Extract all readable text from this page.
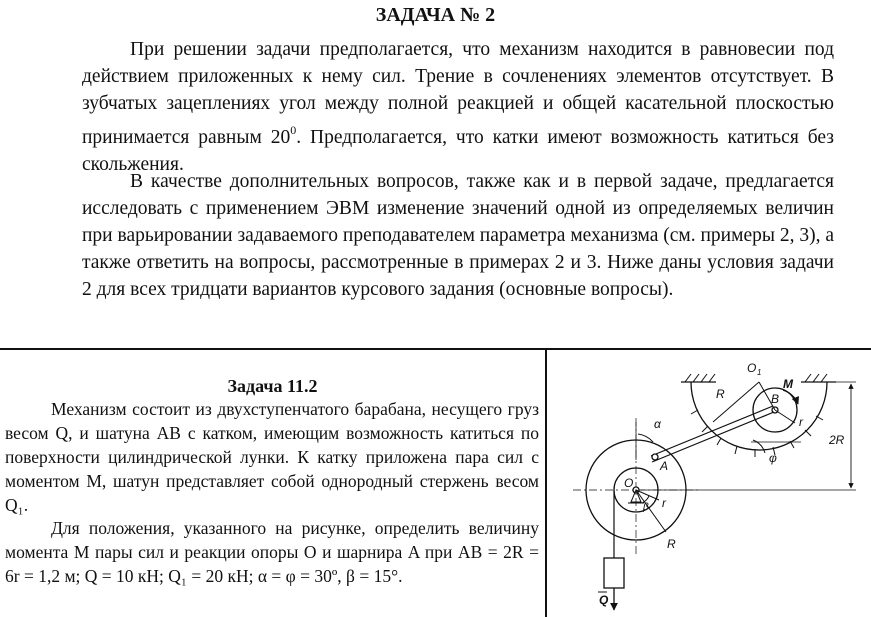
ЗАДАЧА № 2

При решении задачи предполагается, что механизм находится в равновесии под действием приложенных к нему сил. Трение в сочленениях элементов отсутствует. В зубчатых зацеплениях угол между полной реакцией и общей касательной плоскостью принимается равным $20^0$. Предполагается, что катки имеют возможность катиться без скольжения.

В качестве дополнительных вопросов, также как и в первой задаче, предлагается исследовать с применением ЭВМ изменение значений одной из определяемых величин при варьировании задаваемого преподавателем параметра механизма (см. примеры 2, 3), а также ответить на вопросы, рассмотренные в примерах 2 и 3. Ниже даны условия задачи 2 для всех тридцати вариантов курсового задания (основные вопросы).

Задача 11.2

Механизм состоит из двухступенчатого барабана, несущего груз весом Q, и шатуна AB с катком, имеющим возможность катиться по поверхности цилиндрической лунки. К катку приложена пара сил с моментом M, шатун представляет собой однородный стержень весом Q₁.

Для положения, указанного на рисунке, определить величину момента M пары сил и реакции опоры O и шарнира A при AB = 2R = 6r = 1,2 м; Q = 10 кН; Q₁ = 20 кН; α = φ = 30º, β = 15°.

O 1
M
R	B
r
2R
α
φ
A
O
β r
R
Q
